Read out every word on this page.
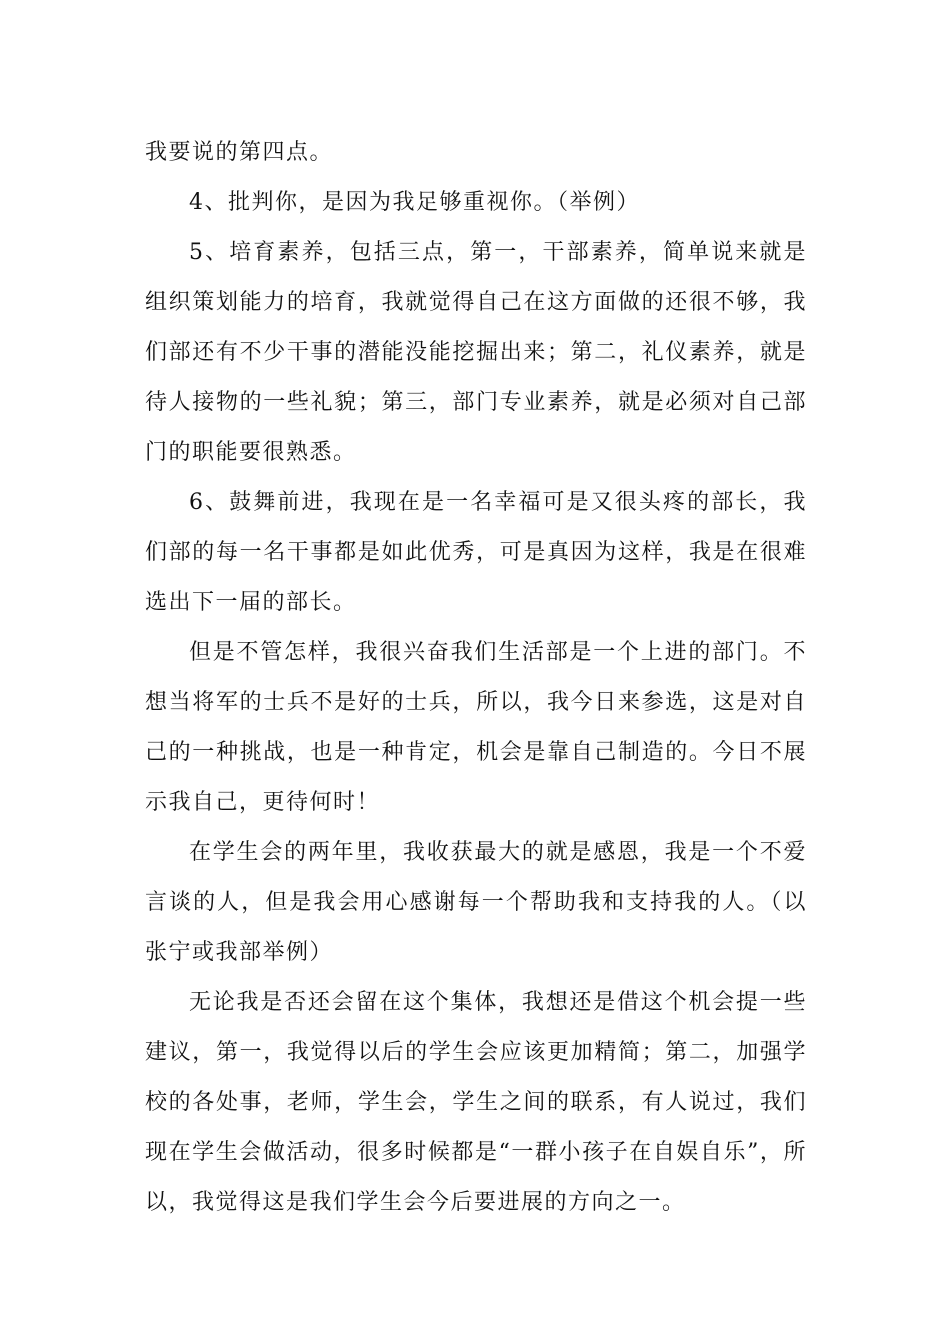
我要说的第四点。

4、批判你，是因为我足够重视你。（举例）

5、培育素养，包括三点，第一，干部素养，简单说来就是组织策划能力的培育，我就觉得自己在这方面做的还很不够，我们部还有不少干事的潜能没能挖掘出来；第二，礼仪素养，就是待人接物的一些礼貌；第三，部门专业素养，就是必须对自己部门的职能要很熟悉。

6、鼓舞前进，我现在是一名幸福可是又很头疼的部长，我们部的每一名干事都是如此优秀，可是真因为这样，我是在很难选出下一届的部长。

但是不管怎样，我很兴奋我们生活部是一个上进的部门。不想当将军的士兵不是好的士兵，所以，我今日来参选，这是对自己的一种挑战，也是一种肯定，机会是靠自己制造的。今日不展示我自己，更待何时！

在学生会的两年里，我收获最大的就是感恩，我是一个不爱言谈的人，但是我会用心感谢每一个帮助我和支持我的人。（以张宁或我部举例）

无论我是否还会留在这个集体，我想还是借这个机会提一些建议，第一，我觉得以后的学生会应该更加精简；第二，加强学校的各处事，老师，学生会，学生之间的联系，有人说过，我们现在学生会做活动，很多时候都是“一群小孩子在自娱自乐”，所以，我觉得这是我们学生会今后要进展的方向之一。
